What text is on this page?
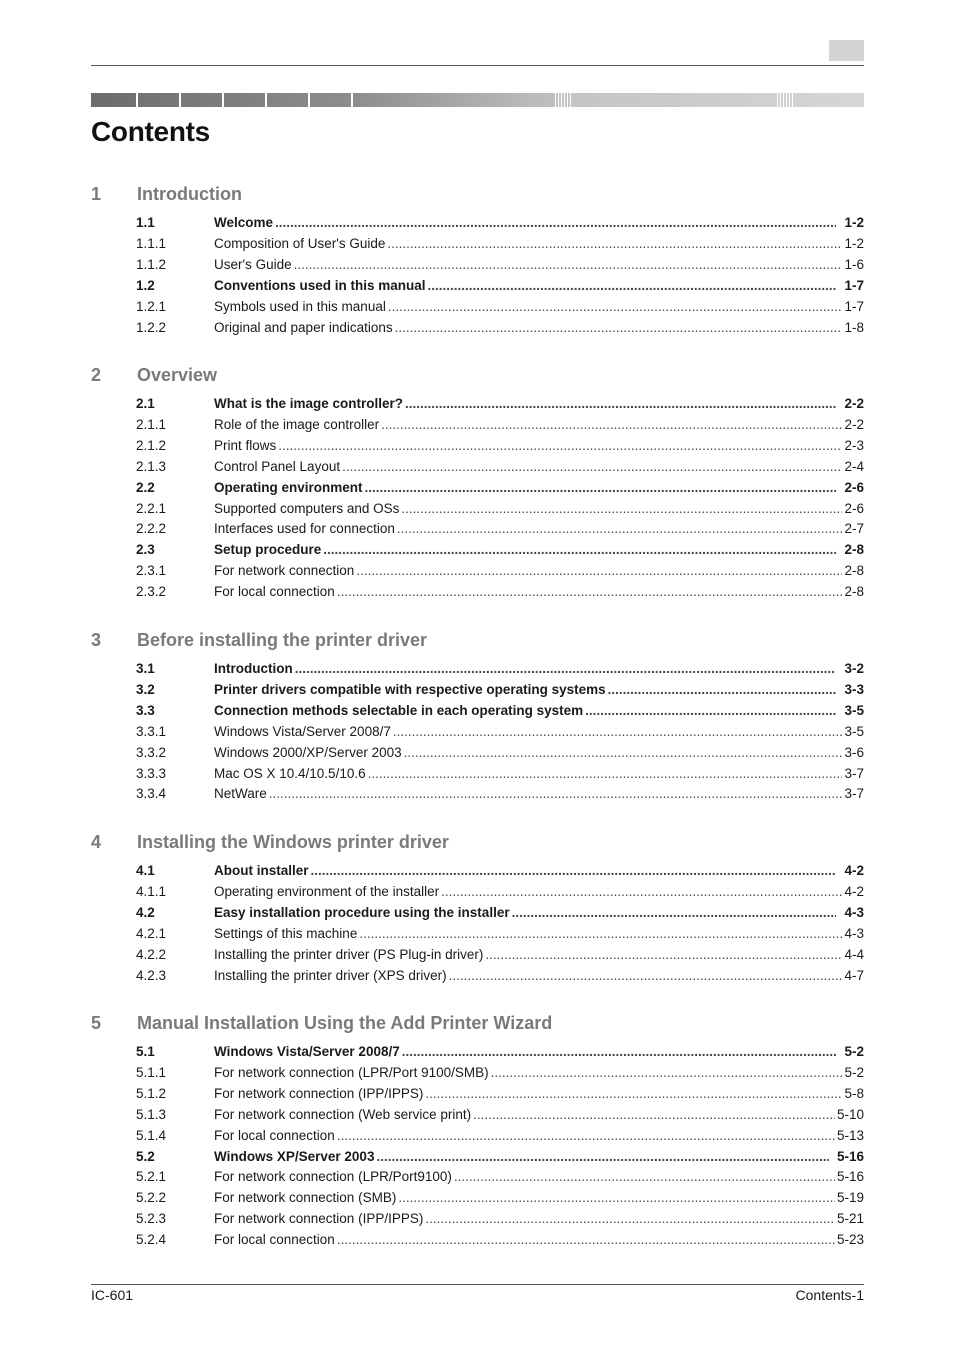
Contents
1 Introduction
1.1	Welcome .....	1-2
1.1.1	Composition of User's Guide .....	1-2
1.1.2	User's Guide .....	1-6
1.2	Conventions used in this manual .....	1-7
1.2.1	Symbols used in this manual .....	1-7
1.2.2	Original and paper indications .....	1-8
2 Overview
2.1	What is the image controller? .....	2-2
2.1.1	Role of the image controller .....	2-2
2.1.2	Print flows .....	2-3
2.1.3	Control Panel Layout .....	2-4
2.2	Operating environment .....	2-6
2.2.1	Supported computers and OSs .....	2-6
2.2.2	Interfaces used for connection .....	2-7
2.3	Setup procedure .....	2-8
2.3.1	For network connection .....	2-8
2.3.2	For local connection .....	2-8
3 Before installing the printer driver
3.1	Introduction .....	3-2
3.2	Printer drivers compatible with respective operating systems .....	3-3
3.3	Connection methods selectable in each operating system .....	3-5
3.3.1	Windows Vista/Server 2008/7 .....	3-5
3.3.2	Windows 2000/XP/Server 2003 .....	3-6
3.3.3	Mac OS X 10.4/10.5/10.6 .....	3-7
3.3.4	NetWare .....	3-7
4 Installing the Windows printer driver
4.1	About installer .....	4-2
4.1.1	Operating environment of the installer .....	4-2
4.2	Easy installation procedure using the installer .....	4-3
4.2.1	Settings of this machine .....	4-3
4.2.2	Installing the printer driver (PS Plug-in driver) .....	4-4
4.2.3	Installing the printer driver (XPS driver) .....	4-7
5 Manual Installation Using the Add Printer Wizard
5.1	Windows Vista/Server 2008/7 .....	5-2
5.1.1	For network connection (LPR/Port 9100/SMB) .....	5-2
5.1.2	For network connection (IPP/IPPS) .....	5-8
5.1.3	For network connection (Web service print) .....	5-10
5.1.4	For local connection .....	5-13
5.2	Windows XP/Server 2003 .....	5-16
5.2.1	For network connection (LPR/Port9100) .....	5-16
5.2.2	For network connection (SMB) .....	5-19
5.2.3	For network connection (IPP/IPPS) .....	5-21
5.2.4	For local connection .....	5-23
IC-601	Contents-1
